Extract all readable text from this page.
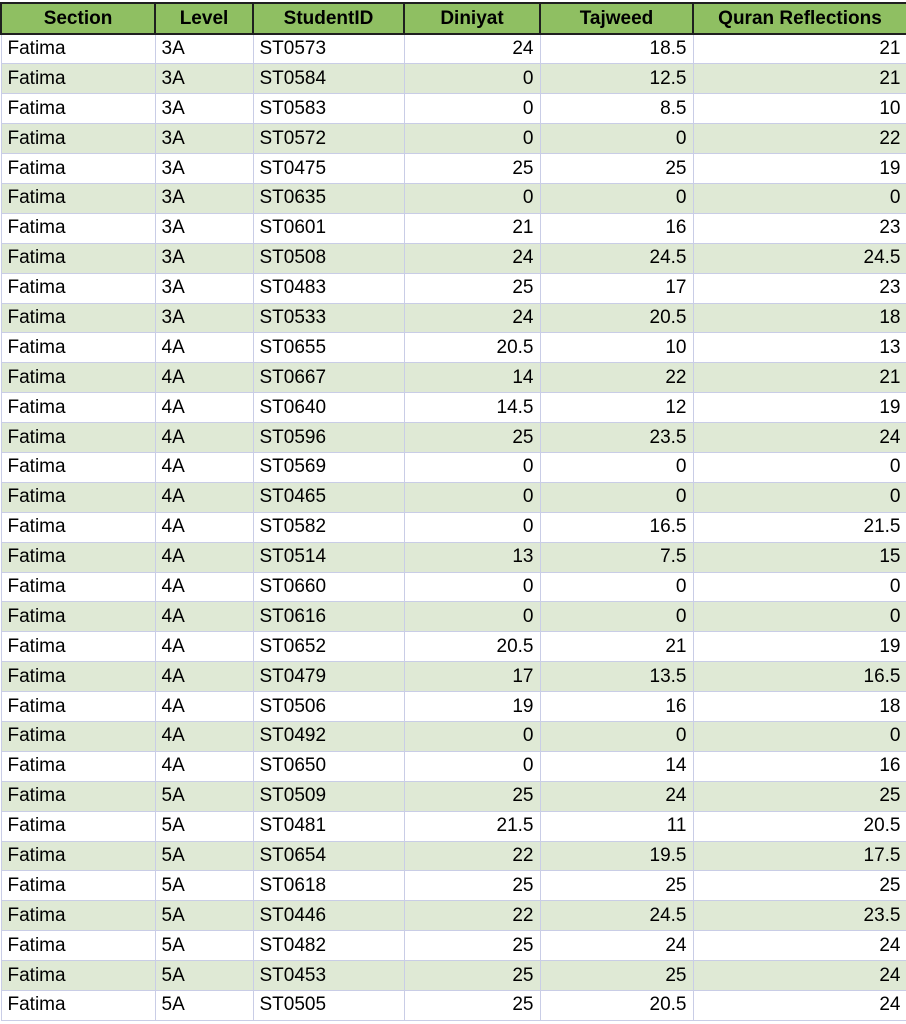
Section	Level	StudentID	Diniyat	Tajweed	Quran Reflections
Fatima	3A	ST0573	24	18.5	21
Fatima	3A	ST0584	0	12.5	21
Fatima	3A	ST0583	0	8.5	10
Fatima	3A	ST0572	0	0	22
Fatima	3A	ST0475	25	25	19
Fatima	3A	ST0635	0	0	0
Fatima	3A	ST0601	21	16	23
Fatima	3A	ST0508	24	24.5	24.5
Fatima	3A	ST0483	25	17	23
Fatima	3A	ST0533	24	20.5	18
Fatima	4A	ST0655	20.5	10	13
Fatima	4A	ST0667	14	22	21
Fatima	4A	ST0640	14.5	12	19
Fatima	4A	ST0596	25	23.5	24
Fatima	4A	ST0569	0	0	0
Fatima	4A	ST0465	0	0	0
Fatima	4A	ST0582	0	16.5	21.5
Fatima	4A	ST0514	13	7.5	15
Fatima	4A	ST0660	0	0	0
Fatima	4A	ST0616	0	0	0
Fatima	4A	ST0652	20.5	21	19
Fatima	4A	ST0479	17	13.5	16.5
Fatima	4A	ST0506	19	16	18
Fatima	4A	ST0492	0	0	0
Fatima	4A	ST0650	0	14	16
Fatima	5A	ST0509	25	24	25
Fatima	5A	ST0481	21.5	11	20.5
Fatima	5A	ST0654	22	19.5	17.5
Fatima	5A	ST0618	25	25	25
Fatima	5A	ST0446	22	24.5	23.5
Fatima	5A	ST0482	25	24	24
Fatima	5A	ST0453	25	25	24
Fatima	5A	ST0505	25	20.5	24
